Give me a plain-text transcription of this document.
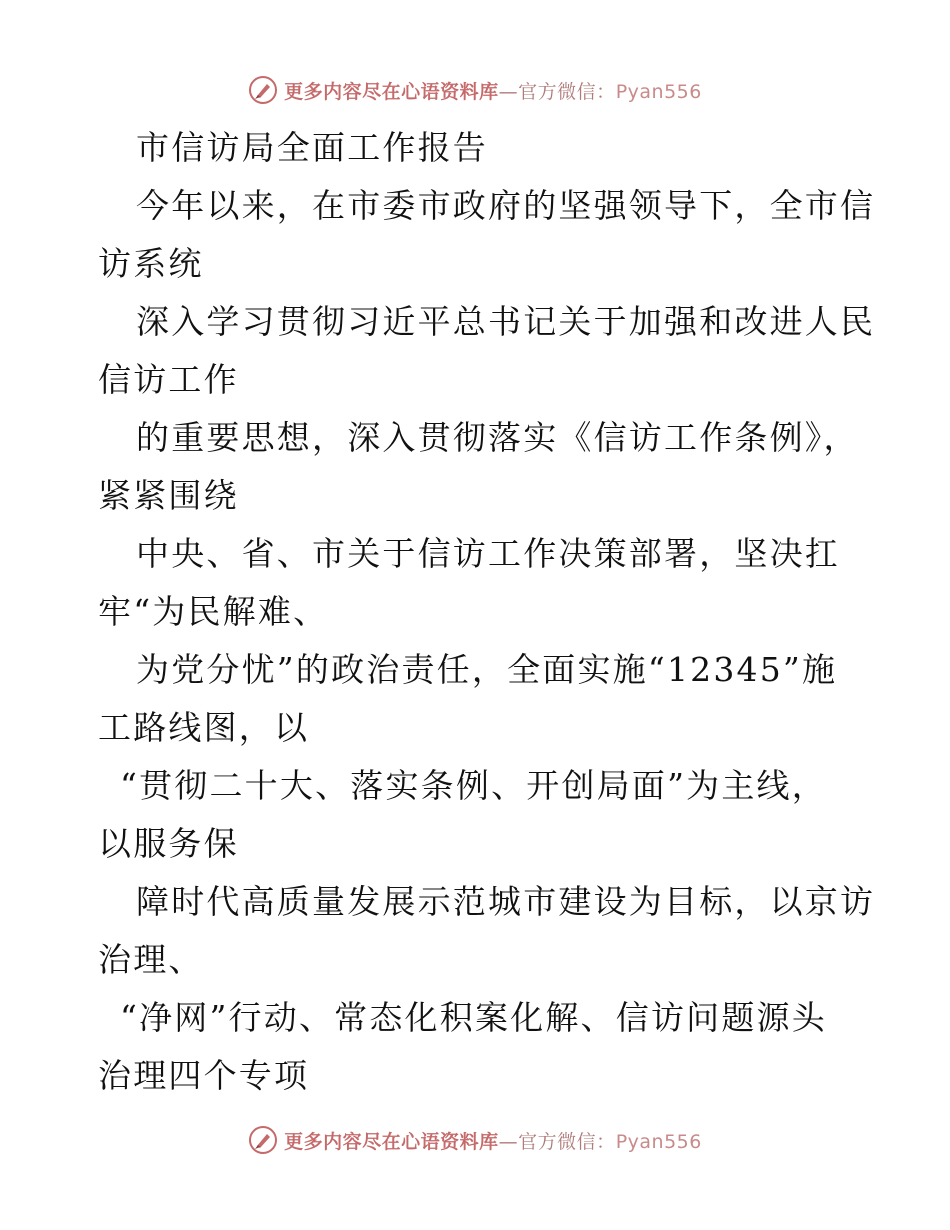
更多内容尽在心语资料库—官方微信：Pyan556
市信访局全面工作报告
今年以来，在市委市政府的坚强领导下，全市信
访系统
深入学习贯彻习近平总书记关于加强和改进人民
信访工作
的重要思想，深入贯彻落实《信访工作条例》，
紧紧围绕
中央、省、市关于信访工作决策部署，坚决扛
牢“为民解难、
为党分忧”的政治责任，全面实施“12345”施
工路线图，以
“贯彻二十大、落实条例、开创局面”为主线，
以服务保
障时代高质量发展示范城市建设为目标，以京访
治理、
“净网”行动、常态化积案化解、信访问题源头
治理四个专项
更多内容尽在心语资料库—官方微信：Pyan556
